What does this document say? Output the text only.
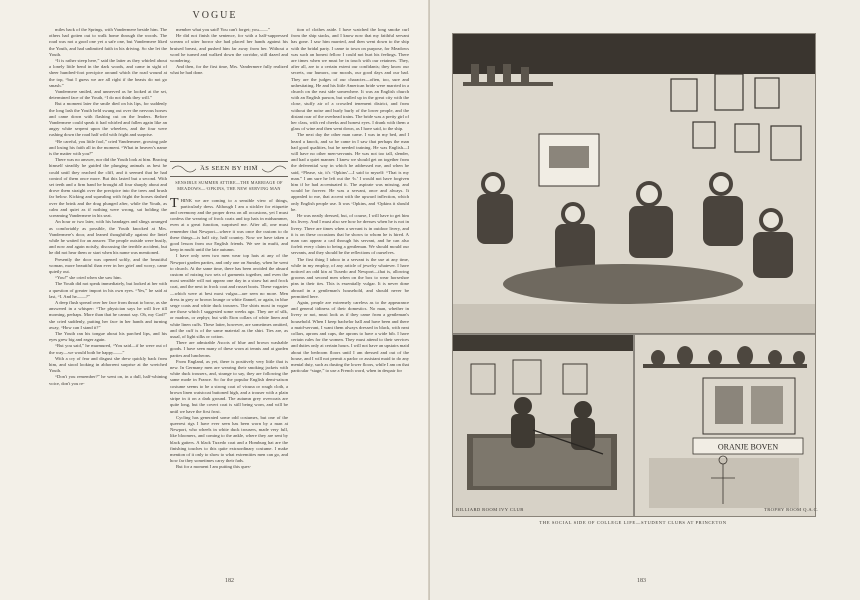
VOGUE

miles back of the Springs, with Vandermere beside him. The others had gotten out to walk home through the woods. The road was not a good one yet a safe one, but Vandermere liked the Youth, and had unlimited faith in his driving. So she let the Youth.

“It is rather steep here,” said the latter as they whirled about a lonely little bend in the dark woods, and came in sight of sheer hundred-foot precipice around which the road wound at the top, “but I guess we are all right if the beasts do not go smash.”

Vandermere smiled, and unnerved as he looked at the set, determined face of the Youth, “I do not think they will.”

But a moment later the smile died on his lips, for suddenly the long lash the Youth held swung out over the nervous horses and came down with flashing cut on the leaders. Before Vandermere could speak it had whirled and fallen again like an angry white serpent upon the wheelers, and the four were rushing down the road half wild with fright and surprise.

“Be careful, you little fool,” cried Vandermere, growing pale and losing his faith all in the moment. “What in heaven’s name is the matter with you?”

There was no answer, nor did the Youth look at him. Bracing himself steadily he guided the plunging animals as best he could until they reached the cliff, and it seemed that he had control of them once more. But this lasted but a second. With set teeth and a firm hand he brought all four sharply about and drove them straight over the precipice into the trees and brush far below. Kicking and squealing with fright the horses dashed over the brink and the drag plunged after, while the Youth, as calm and quiet as if nothing were wrong, sat holding the screaming Vandermere in his seat.

An hour or two later, with his bandages and slings arranged as comfortably as possible, the Youth knocked at Mrs. Vandermere's door, and leaned thoughtfully against the lintel while he waited for an answer. The people outside were busily, and now and again noisily, discussing the terrible accident, but he did not hear them or start when his name was mentioned.

Presently the door was opened softly, and the beautiful woman, more beautiful than ever in her grief and worry, came quietly out.

“You!” she cried when she saw him.

The Youth did not speak immediately, but looked at her with a question of greater import in his own eyes. “Yes,” he said at last, “I. And he——?”

A deep flush spread over her face from throat to brow, as she answered in a whisper: “The physician says he will live till morning, perhaps. More than that he cannot say. Oh, my God!” she cried suddenly, putting her face in her hands and turning away, “How can I stand it?”

The Youth ran his tongue about his parched lips, and his eyes grew big and eager again.

“But you said,” he murmured, “You said—if he were out of the way—we would both be happy——”

With a cry of fear and disgust she drew quickly back from him, and stood looking in abhorrent surprise at the wretched Youth.

“Don't you remember?” he went on, in a dull, half-whining voice, don't you re-

member what you said! You can't forget; you——”

He did not finish the sentence, for with a half-suppressed scream of utter horror she had placed her hands against his bruised breast, and pushed him far away from her. Without a word he turned and walked down the corridor, still dazed and wondering.

And then, for the first time, Mrs. Vandermere fully realized what he had done.

AS SEEN BY HIM
SENSIBLE SUMMER ATTIRE—THE MARRIAGE OF MEADOWS—‘OPKINS, THE NEW SERVING MAN

THINK we are coming to a sensible view of things, particularly dress. Although I am a stickler for etiquette and ceremony and the proper dress on all occasions, yet I must confess the wearing of frock coats and top hats in midsummer, even at a great function, surprised me. After all, one must remember that Newport—where it was once the custom to do these things—is half city, half country. Now we have taken a good lesson from our English friends. We see in mufti, and keep in mufti until the late autumn.

I have only seen two men wear top hats at any of the Newport garden parties, and only one on Sunday, when he went to church. At the same time, there has been avoided the absurd custom of mixing two sets of garments together, and even the most sensible will not appear one day in a straw hat and frock coat, and the next in frock coat and russet boots. These vagaries—which were at best most vulgar—are seen no more. Men dress in grey or brown lounge or white flannel, or again, in blue serge coats and white duck trousers. The shirts most in vogue are those which I suggested some weeks ago. They are of silk, or madras, or zephyr, but with Eton collars of white linen and white linen cuffs. These latter, however, are sometimes omitted, and the cuff is of the same material as the shirt. Ties are, as usual, of light silks or cotton.

There are admirable Ascots of blue and brown washable goods. I have seen many of these worn at tennis and at garden parties and luncheons.

From England, as yet, there is positively very little that is new. In Germany men are wearing their smoking jackets with white duck trousers, and, strange to say, they are following the same mode in France. So far the popular English demi-saison costume seems to be a strong coat of vicuna or rough cloth, a brown linen waistcoat buttoned high, and a trouser with a plain stripe in it on a dark ground. The autumn grey overcoats are quite long, but the covert coat is still being worn, and will be until we have the first frost.

Cycling has generated some odd costumes, but one of the queerest rigs I have ever seen has been worn by a man at Newport, who wheels in white duck trousers, made very full, like bloomers, and coming to the ankle, where they are sent by black gaiters. A black Tuxedo coat and a Homburg hat are the finishing touches to this quite extraordinary costume. I make mention of it only to show to what extremities men can go, and how far they sometimes carry their fads.

But for a moment I am putting this ques-

tion of clothes aside. I have watched the long smoke curl from the ship stacks, and I know now that my faithful servant has gone. I saw him married, and then went down to the ship with the bridal party. I came to town on purpose, for Meadows was such an honest fellow I could not hurt his feelings. There are times when we must be in touch with our retainers. They, after all, are to a certain extent our confidants; they know our secrets, our humors, our moods, our good days and our bad. They are the judges of our character—often, too, sure and unhesitating. He and his little American bride were married in a church on the east side somewhere. It was an English church with an English parson, but walled up in the great city with the close, stuffy air of a crowded tenement district, and from without the noise and hurly burly of the lower people, and the distant roar of the overhead trains. The bride was a pretty girl of her class, with red cheeks and honest eyes. I drank with them a glass of wine and then went down, as I have said, to the ship.

The next day the other man came. I was in my bed, and I heard a knock, and so he came in I saw that perhaps the man had good qualities, but he needed training. He was English—I will have no other men-servants. He was not too tall, slender, and had a quiet manner. I knew we should get on together from the deferential way in which he addressed me, and when he said, “Please, sir, it's ‘Opkins’—I said to myself: “That is my man.” I am sure he left out the ‘h.’ I would not have forgiven him if he had accentuated it. The aspirate was missing, and would be forever. He was a servant, once and always. It appealed to me, that accent with the upward inflection, which only English people use. It was ‘Opkins, and ‘Opkins it should be.

He was neatly dressed, but, of course, I will have to get him his livery. And I must also see how he dresses when he is not in livery. There are times when a servant is in outdoor livery, and it is on these occasions that he shows to whom he is hired. A man can appear a cad through his servant, and he can also forfeit every claim to being a gentleman. We should mould our servants, and they should be the reflections of ourselves.

The first thing I taboo in a servant is the use at any time, while in my employ, of any article of jewelry whatever. I have noticed an odd kin at Tuxedo and Newport—that is, allowing grooms and second men when on the box to wear horseshoe pins in their ties. This is essentially vulgar. It is never done abroad in a gentleman's household, and should never be permitted here.

Again, people are extremely careless as to the appearance and general tidiness of their domestics. No man, whether in livery or not, must look as if they came from a gentleman's household. When I keep bachelor hall and have been and there a maid-servant, I want them always dressed in black, with neat collars, aprons and caps, the aprons to have a wide bib. I have certain rules for the women. They must attend to their services and duties only at certain hours. I will not have an upstairs maid about the bedroom floors until I am dressed and out of the house, and I will not permit a parlor or assistant maid to do any menial duty, such as dusting the lower floors, while I am on that particular “stage,” to use a French word, when in despair for

182
ORANJE BOVEN
BILLIARD ROOM IVY CLUB	TROPHY ROOM Q.A.C.
THE SOCIAL SIDE OF COLLEGE LIFE—STUDENT CLUBS AT PRINCETON
183
